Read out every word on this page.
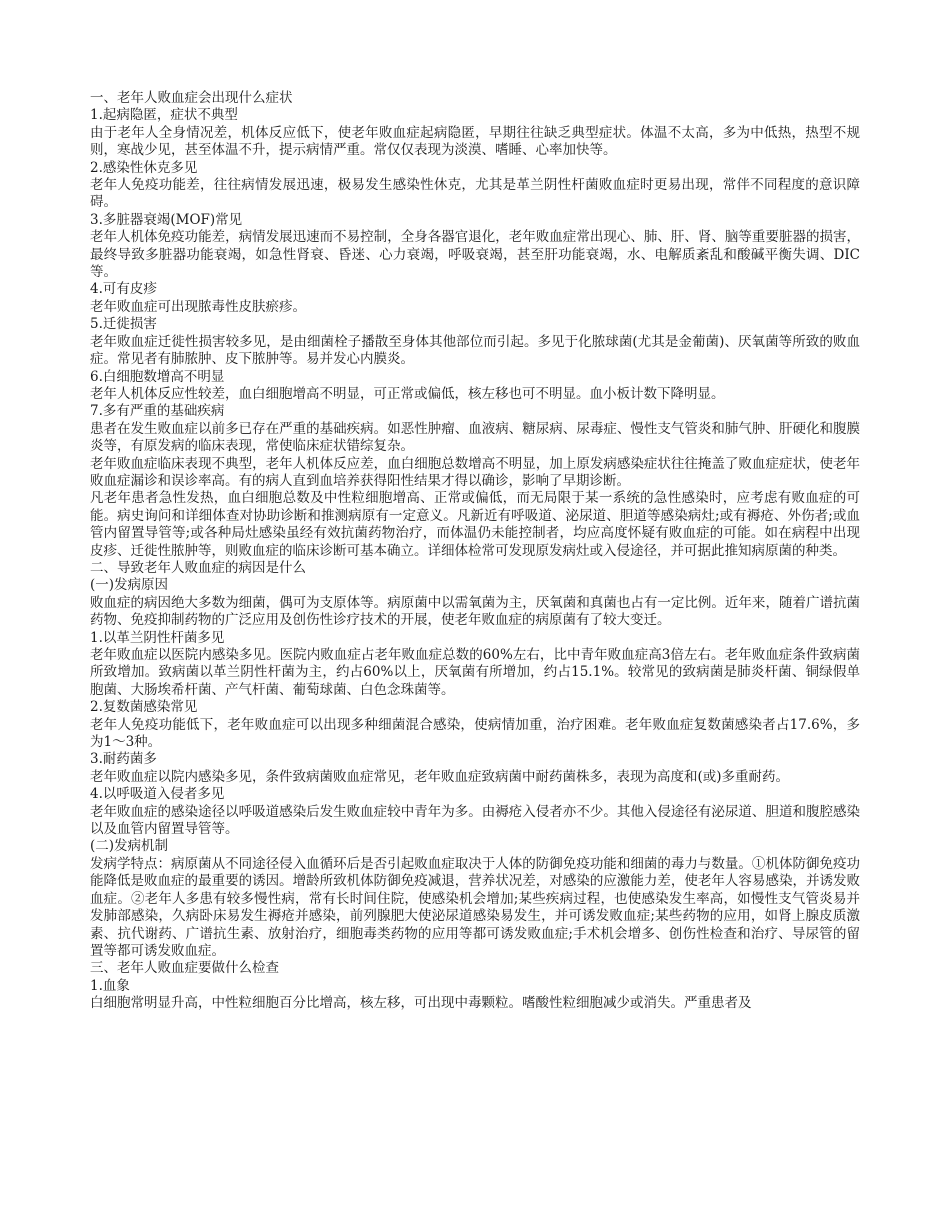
一、老年人败血症会出现什么症状

1.起病隐匿，症状不典型

由于老年人全身情况差，机体反应低下，使老年败血症起病隐匿，早期往往缺乏典型症状。体温不太高，多为中低热，热型不规则，寒战少见，甚至体温不升，提示病情严重。常仅仅表现为淡漠、嗜睡、心率加快等。

2.感染性休克多见

老年人免疫功能差，往往病情发展迅速，极易发生感染性休克，尤其是革兰阴性杆菌败血症时更易出现，常伴不同程度的意识障碍。

3.多脏器衰竭(MOF)常见

老年人机体免疫功能差，病情发展迅速而不易控制，全身各器官退化，老年败血症常出现心、肺、肝、肾、脑等重要脏器的损害，最终导致多脏器功能衰竭，如急性肾衰、昏迷、心力衰竭，呼吸衰竭，甚至肝功能衰竭，水、电解质紊乱和酸碱平衡失调、DIC等。

4.可有皮疹

老年败血症可出现脓毒性皮肤瘀疹。

5.迁徙损害

老年败血症迁徙性损害较多见，是由细菌栓子播散至身体其他部位而引起。多见于化脓球菌(尤其是金葡菌)、厌氧菌等所致的败血症。常见者有肺脓肿、皮下脓肿等。易并发心内膜炎。

6.白细胞数增高不明显

老年人机体反应性较差，血白细胞增高不明显，可正常或偏低，核左移也可不明显。血小板计数下降明显。

7.多有严重的基础疾病

患者在发生败血症以前多已存在严重的基础疾病。如恶性肿瘤、血液病、糖尿病、尿毒症、慢性支气管炎和肺气肿、肝硬化和腹膜炎等，有原发病的临床表现，常使临床症状错综复杂。

老年败血症临床表现不典型，老年人机体反应差，血白细胞总数增高不明显，加上原发病感染症状往往掩盖了败血症症状，使老年败血症漏诊和误诊率高。有的病人直到血培养获得阳性结果才得以确诊，影响了早期诊断。

凡老年患者急性发热，血白细胞总数及中性粒细胞增高、正常或偏低，而无局限于某一系统的急性感染时，应考虑有败血症的可能。病史询问和详细体查对协助诊断和推测病原有一定意义。凡新近有呼吸道、泌尿道、胆道等感染病灶;或有褥疮、外伤者;或血管内留置导管等;或各种局灶感染虽经有效抗菌药物治疗，而体温仍未能控制者，均应高度怀疑有败血症的可能。如在病程中出现皮疹、迁徙性脓肿等，则败血症的临床诊断可基本确立。详细体检常可发现原发病灶或入侵途径，并可据此推知病原菌的种类。

二、导致老年人败血症的病因是什么

(一)发病原因

败血症的病因绝大多数为细菌，偶可为支原体等。病原菌中以需氧菌为主，厌氧菌和真菌也占有一定比例。近年来，随着广谱抗菌药物、免疫抑制药物的广泛应用及创伤性诊疗技术的开展，使老年败血症的病原菌有了较大变迁。

1.以革兰阴性杆菌多见

老年败血症以医院内感染多见。医院内败血症占老年败血症总数的60%左右，比中青年败血症高3倍左右。老年败血症条件致病菌所致增加。致病菌以革兰阴性杆菌为主，约占60%以上，厌氧菌有所增加，约占15.1%。较常见的致病菌是肺炎杆菌、铜绿假单胞菌、大肠埃希杆菌、产气杆菌、葡萄球菌、白色念珠菌等。

2.复数菌感染常见

老年人免疫功能低下，老年败血症可以出现多种细菌混合感染，使病情加重，治疗困难。老年败血症复数菌感染者占17.6%，多为1～3种。

3.耐药菌多

老年败血症以院内感染多见，条件致病菌败血症常见，老年败血症致病菌中耐药菌株多，表现为高度和(或)多重耐药。

4.以呼吸道入侵者多见

老年败血症的感染途径以呼吸道感染后发生败血症较中青年为多。由褥疮入侵者亦不少。其他入侵途径有泌尿道、胆道和腹腔感染以及血管内留置导管等。

(二)发病机制

发病学特点：病原菌从不同途径侵入血循环后是否引起败血症取决于人体的防御免疫功能和细菌的毒力与数量。①机体防御免疫功能降低是败血症的最重要的诱因。增龄所致机体防御免疫减退，营养状况差，对感染的应激能力差，使老年人容易感染，并诱发败血症。②老年人多患有较多慢性病，常有长时间住院，使感染机会增加;某些疾病过程，也使感染发生率高，如慢性支气管炎易并发肺部感染，久病卧床易发生褥疮并感染，前列腺肥大使泌尿道感染易发生，并可诱发败血症;某些药物的应用，如肾上腺皮质激素、抗代谢药、广谱抗生素、放射治疗，细胞毒类药物的应用等都可诱发败血症;手术机会增多、创伤性检查和治疗、导尿管的留置等都可诱发败血症。

三、老年人败血症要做什么检查

1.血象

白细胞常明显升高，中性粒细胞百分比增高，核左移，可出现中毒颗粒。嗜酸性粒细胞减少或消失。严重患者及
